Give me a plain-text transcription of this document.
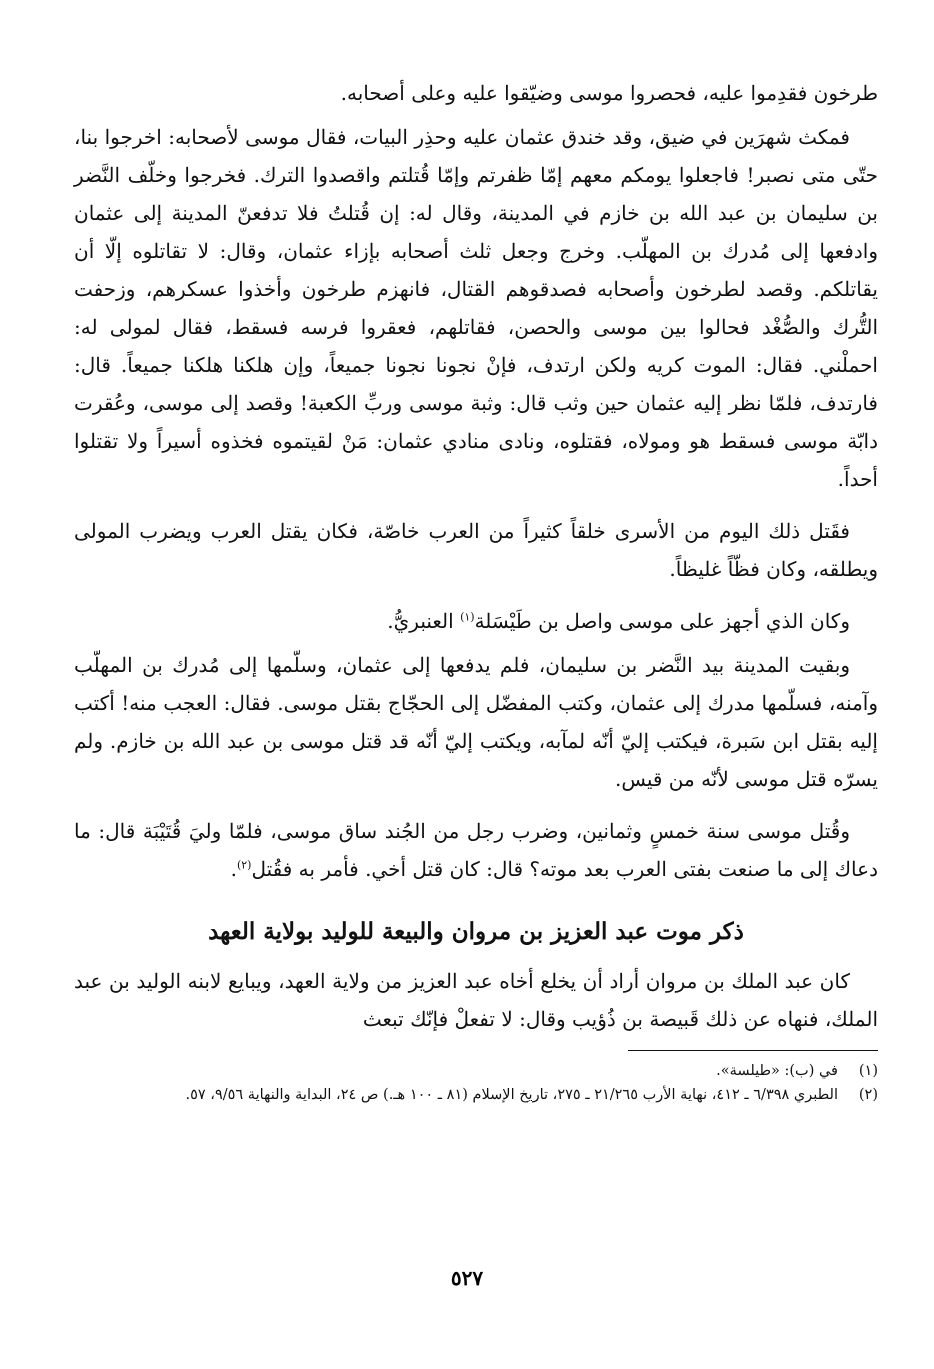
طرخون فقدِموا عليه، فحصروا موسى وضيّقوا عليه وعلى أصحابه.

فمكث شهرَين في ضيق، وقد خندق عثمان عليه وحذِر البيات، فقال موسى لأصحابه: اخرجوا بنا، حتّى متى نصبر! فاجعلوا يومكم معهم إمّا ظفرتم وإمّا قُتلتم واقصدوا الترك. فخرجوا وخلّف النَّضر بن سليمان بن عبد الله بن خازم في المدينة، وقال له: إن قُتلتُ فلا تدفعنّ المدينة إلى عثمان وادفعها إلى مُدرك بن المهلّب. وخرج وجعل ثلث أصحابه بإزاء عثمان، وقال: لا تقاتلوه إلّا أن يقاتلكم. وقصد لطرخون وأصحابه فصدقوهم القتال، فانهزم طرخون وأخذوا عسكرهم، وزحفت التُّرك والصُّغْد فحالوا بين موسى والحصن، فقاتلهم، فعقروا فرسه فسقط، فقال لمولى له: احملْني. فقال: الموت كريه ولكن ارتدف، فإنْ نجونا نجونا جميعاً، وإن هلكنا هلكنا جميعاً. قال: فارتدف، فلمّا نظر إليه عثمان حين وثب قال: وثبة موسى وربِّ الكعبة! وقصد إلى موسى، وعُقرت دابّة موسى فسقط هو ومولاه، فقتلوه، ونادى منادي عثمان: مَنْ لقيتموه فخذوه أسيراً ولا تقتلوا أحداً.

فقَتل ذلك اليوم من الأسرى خلقاً كثيراً من العرب خاصّة، فكان يقتل العرب ويضرب المولى ويطلقه، وكان فظّاً غليظاً.

وكان الذي أجهز على موسى واصل بن طَيْسَلة$^{(١)}$ العنبريُّ.

وبقيت المدينة بيد النَّضر بن سليمان، فلم يدفعها إلى عثمان، وسلّمها إلى مُدرك بن المهلّب وآمنه، فسلّمها مدرك إلى عثمان، وكتب المفضّل إلى الحجّاج بقتل موسى. فقال: العجب منه! أكتب إليه بقتل ابن سَبرة، فيكتب إليّ أنّه لمآبه، ويكتب إليّ أنّه قد قتل موسى بن عبد الله بن خازم. ولم يسرّه قتل موسى لأنّه من قيس.

وقُتل موسى سنة خمسٍ وثمانين، وضرب رجل من الجُند ساق موسى، فلمّا وليَ قُتَيْبَة قال: ما دعاك إلى ما صنعت بفتى العرب بعد موته؟ قال: كان قتل أخي. فأمر به فقُتل$^{(٢)}$.

ذكر موت عبد العزيز بن مروان والبيعة للوليد بولاية العهد

كان عبد الملك بن مروان أراد أن يخلع أخاه عبد العزيز من ولاية العهد، ويبايع لابنه الوليد بن عبد الملك، فنهاه عن ذلك قَبيصة بن ذُؤيب وقال: لا تفعلْ فإنّك تبعث

(١)
في (ب): «طيلسة».
(٢)
الطبري ٦/٣٩٨ ـ ٤١٢، نهاية الأرب ٢١/٢٦٥ ـ ٢٧٥، تاريخ الإسلام (٨١ ـ ١٠٠ هـ.) ص ٢٤، البداية والنهاية ٩/٥٦، ٥٧.
٥٢٧
